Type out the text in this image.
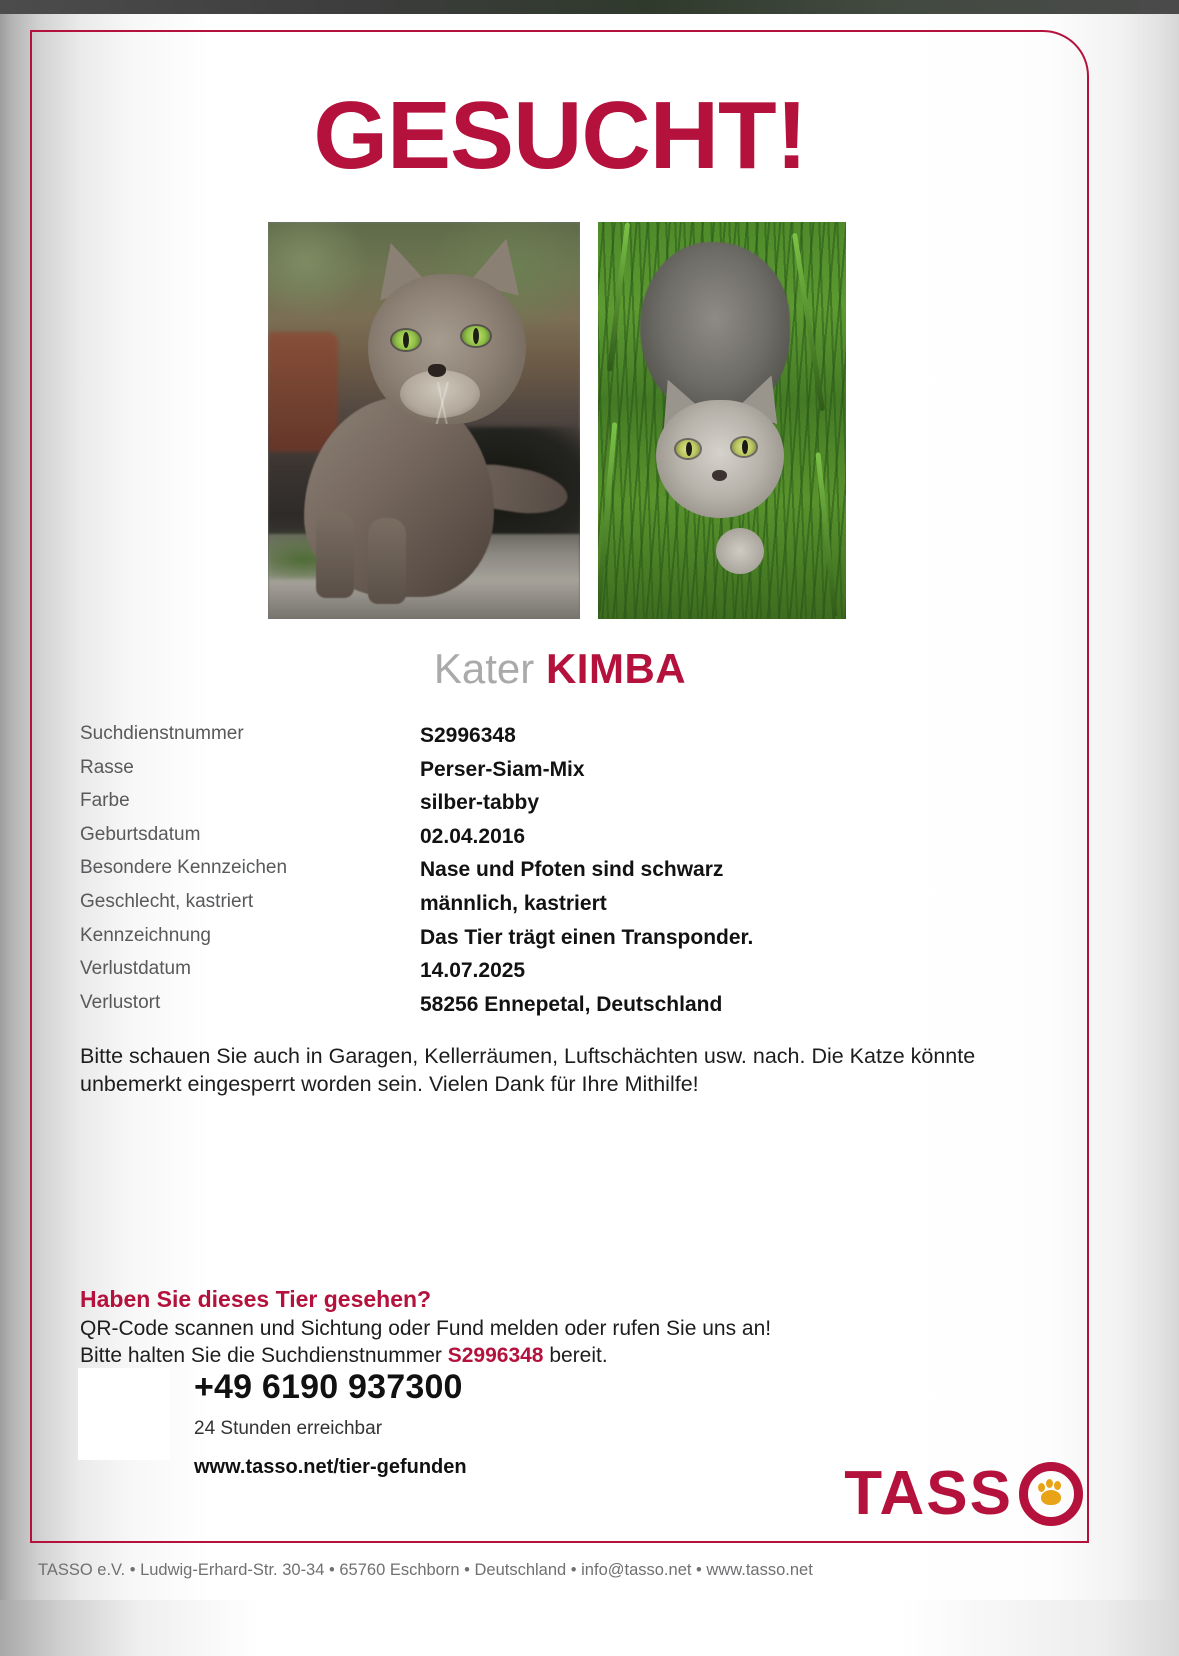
GESUCHT!
Kater KIMBA
Suchdienstnummer	S2996348
Rasse	Perser-Siam-Mix
Farbe	silber-tabby
Geburtsdatum	02.04.2016
Besondere Kennzeichen	Nase und Pfoten sind schwarz
Geschlecht, kastriert	männlich, kastriert
Kennzeichnung	Das Tier trägt einen Transponder.
Verlustdatum	14.07.2025
Verlustort	58256 Ennepetal, Deutschland
Bitte schauen Sie auch in Garagen, Kellerräumen, Luftschächten usw. nach. Die Katze könnte unbemerkt eingesperrt worden sein. Vielen Dank für Ihre Mithilfe!
Haben Sie dieses Tier gesehen?
QR-Code scannen und Sichtung oder Fund melden oder rufen Sie uns an!
Bitte halten Sie die Suchdienstnummer S2996348 bereit.
+49 6190 937300
24 Stunden erreichbar
www.tasso.net/tier-gefunden	TASS
TASSO e.V. • Ludwig-Erhard-Str. 30-34 • 65760 Eschborn • Deutschland • info@tasso.net • www.tasso.net
